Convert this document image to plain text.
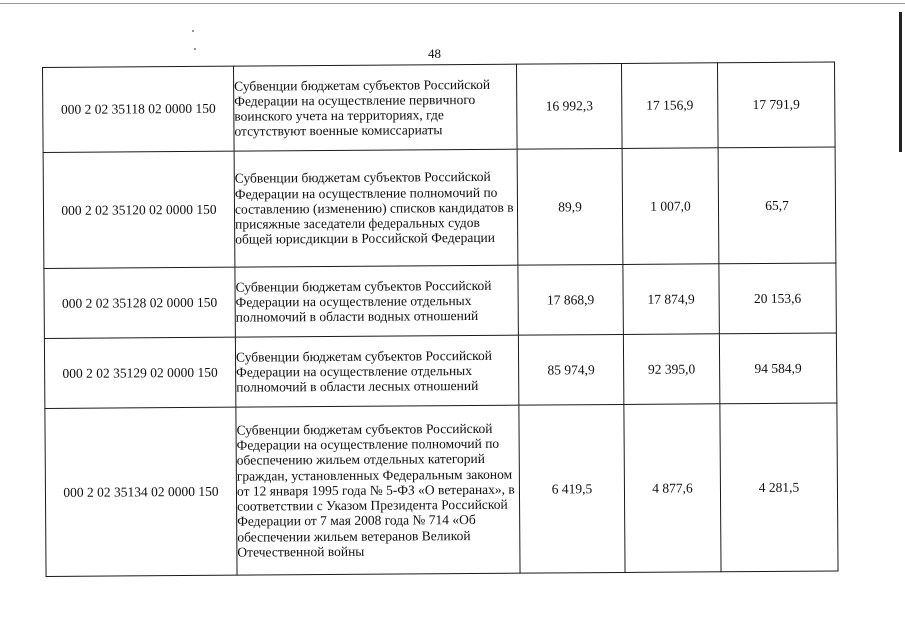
48
000 2 02 35118 02 0000 150	Субвенции бюджетам субъектов Российской Федерации на осуществление первичного воинского учета на территориях, где отсутствуют военные комиссариаты	16 992,3	17 156,9	17 791,9
000 2 02 35120 02 0000 150	Субвенции бюджетам субъектов Российской Федерации на осуществление полномочий по составлению (изменению) списков кандидатов в присяжные заседатели федеральных судов общей юрисдикции в Российской Федерации	89,9	1 007,0	65,7
000 2 02 35128 02 0000 150	Субвенции бюджетам субъектов Российской Федерации на осуществление отдельных полномочий в области водных отношений	17 868,9	17 874,9	20 153,6
000 2 02 35129 02 0000 150	Субвенции бюджетам субъектов Российской Федерации на осуществление отдельных полномочий в области лесных отношений	85 974,9	92 395,0	94 584,9
000 2 02 35134 02 0000 150	Субвенции бюджетам субъектов Российской Федерации на осуществление полномочий по обеспечению жильем отдельных категорий граждан, установленных Федеральным законом от 12 января 1995 года № 5-ФЗ «О ветеранах», в соответствии с Указом Президента Российской Федерации от 7 мая 2008 года № 714 «Об обеспечении жильем ветеранов Великой Отечественной войны	6 419,5	4 877,6	4 281,5
